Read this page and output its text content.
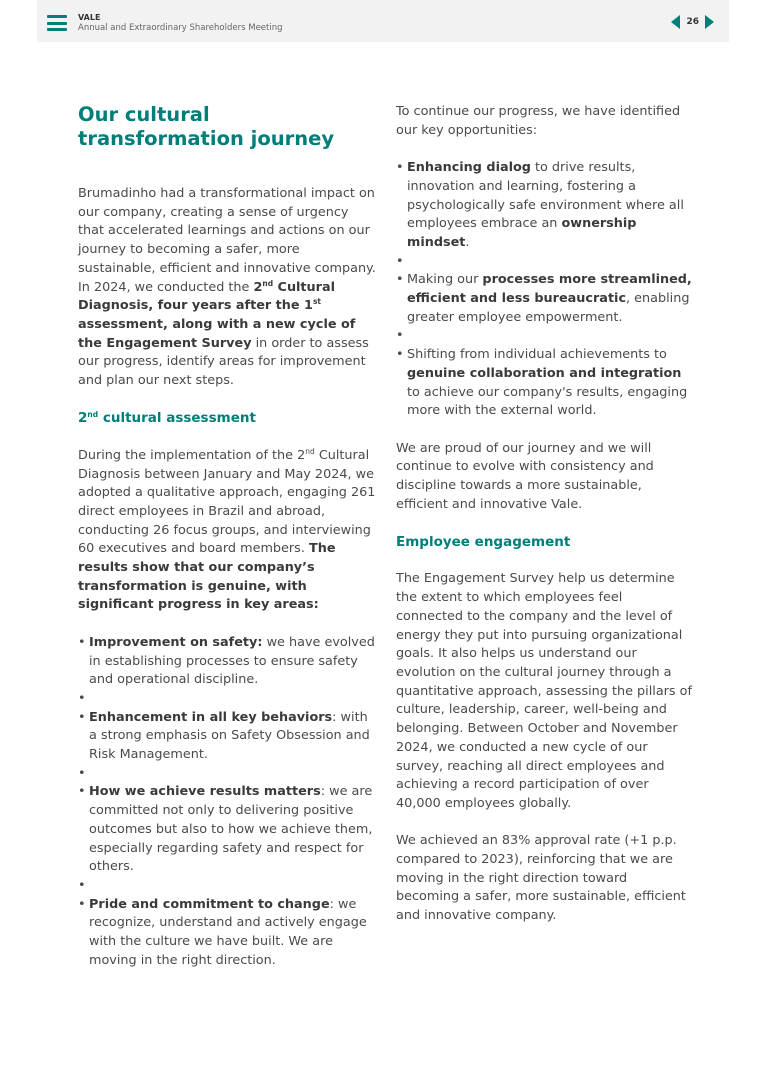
VALE
Annual and Extraordinary Shareholders Meeting
26
Our cultural transformation journey

Brumadinho had a transformational impact on our company, creating a sense of urgency that accelerated learnings and actions on our journey to becoming a safer, more sustainable, efficient and innovative company. In 2024, we conducted the 2nd Cultural Diagnosis, four years after the 1st assessment, along with a new cycle of the Engagement Survey in order to assess our progress, identify areas for improvement and plan our next steps.

2nd cultural assessment

During the implementation of the 2nd Cultural Diagnosis between January and May 2024, we adopted a qualitative approach, engaging 261 direct employees in Brazil and abroad, conducting 26 focus groups, and interviewing 60 executives and board members. The results show that our company’s transformation is genuine, with significant progress in key areas:

• Improvement on safety: we have evolved in establishing processes to ensure safety and operational discipline.
•
• Enhancement in all key behaviors: with a strong emphasis on Safety Obsession and Risk Management.
•
• How we achieve results matters: we are committed not only to delivering positive outcomes but also to how we achieve them, especially regarding safety and respect for others.
•
• Pride and commitment to change: we recognize, understand and actively engage with the culture we have built. We are moving in the right direction.

To continue our progress, we have identified our key opportunities:

• Enhancing dialog to drive results, innovation and learning, fostering a psychologically safe environment where all employees embrace an ownership mindset.
•
• Making our processes more streamlined, efficient and less bureaucratic, enabling greater employee empowerment.
•
• Shifting from individual achievements to genuine collaboration and integration to achieve our company's results, engaging more with the external world.

We are proud of our journey and we will continue to evolve with consistency and discipline towards a more sustainable, efficient and innovative Vale.

Employee engagement

The Engagement Survey help us determine the extent to which employees feel connected to the company and the level of energy they put into pursuing organizational goals. It also helps us understand our evolution on the cultural journey through a quantitative approach, assessing the pillars of culture, leadership, career, well-being and belonging. Between October and November 2024, we conducted a new cycle of our survey, reaching all direct employees and achieving a record participation of over 40,000 employees globally.

We achieved an 83% approval rate (+1 p.p. compared to 2023), reinforcing that we are moving in the right direction toward becoming a safer, more sustainable, efficient and innovative company.
